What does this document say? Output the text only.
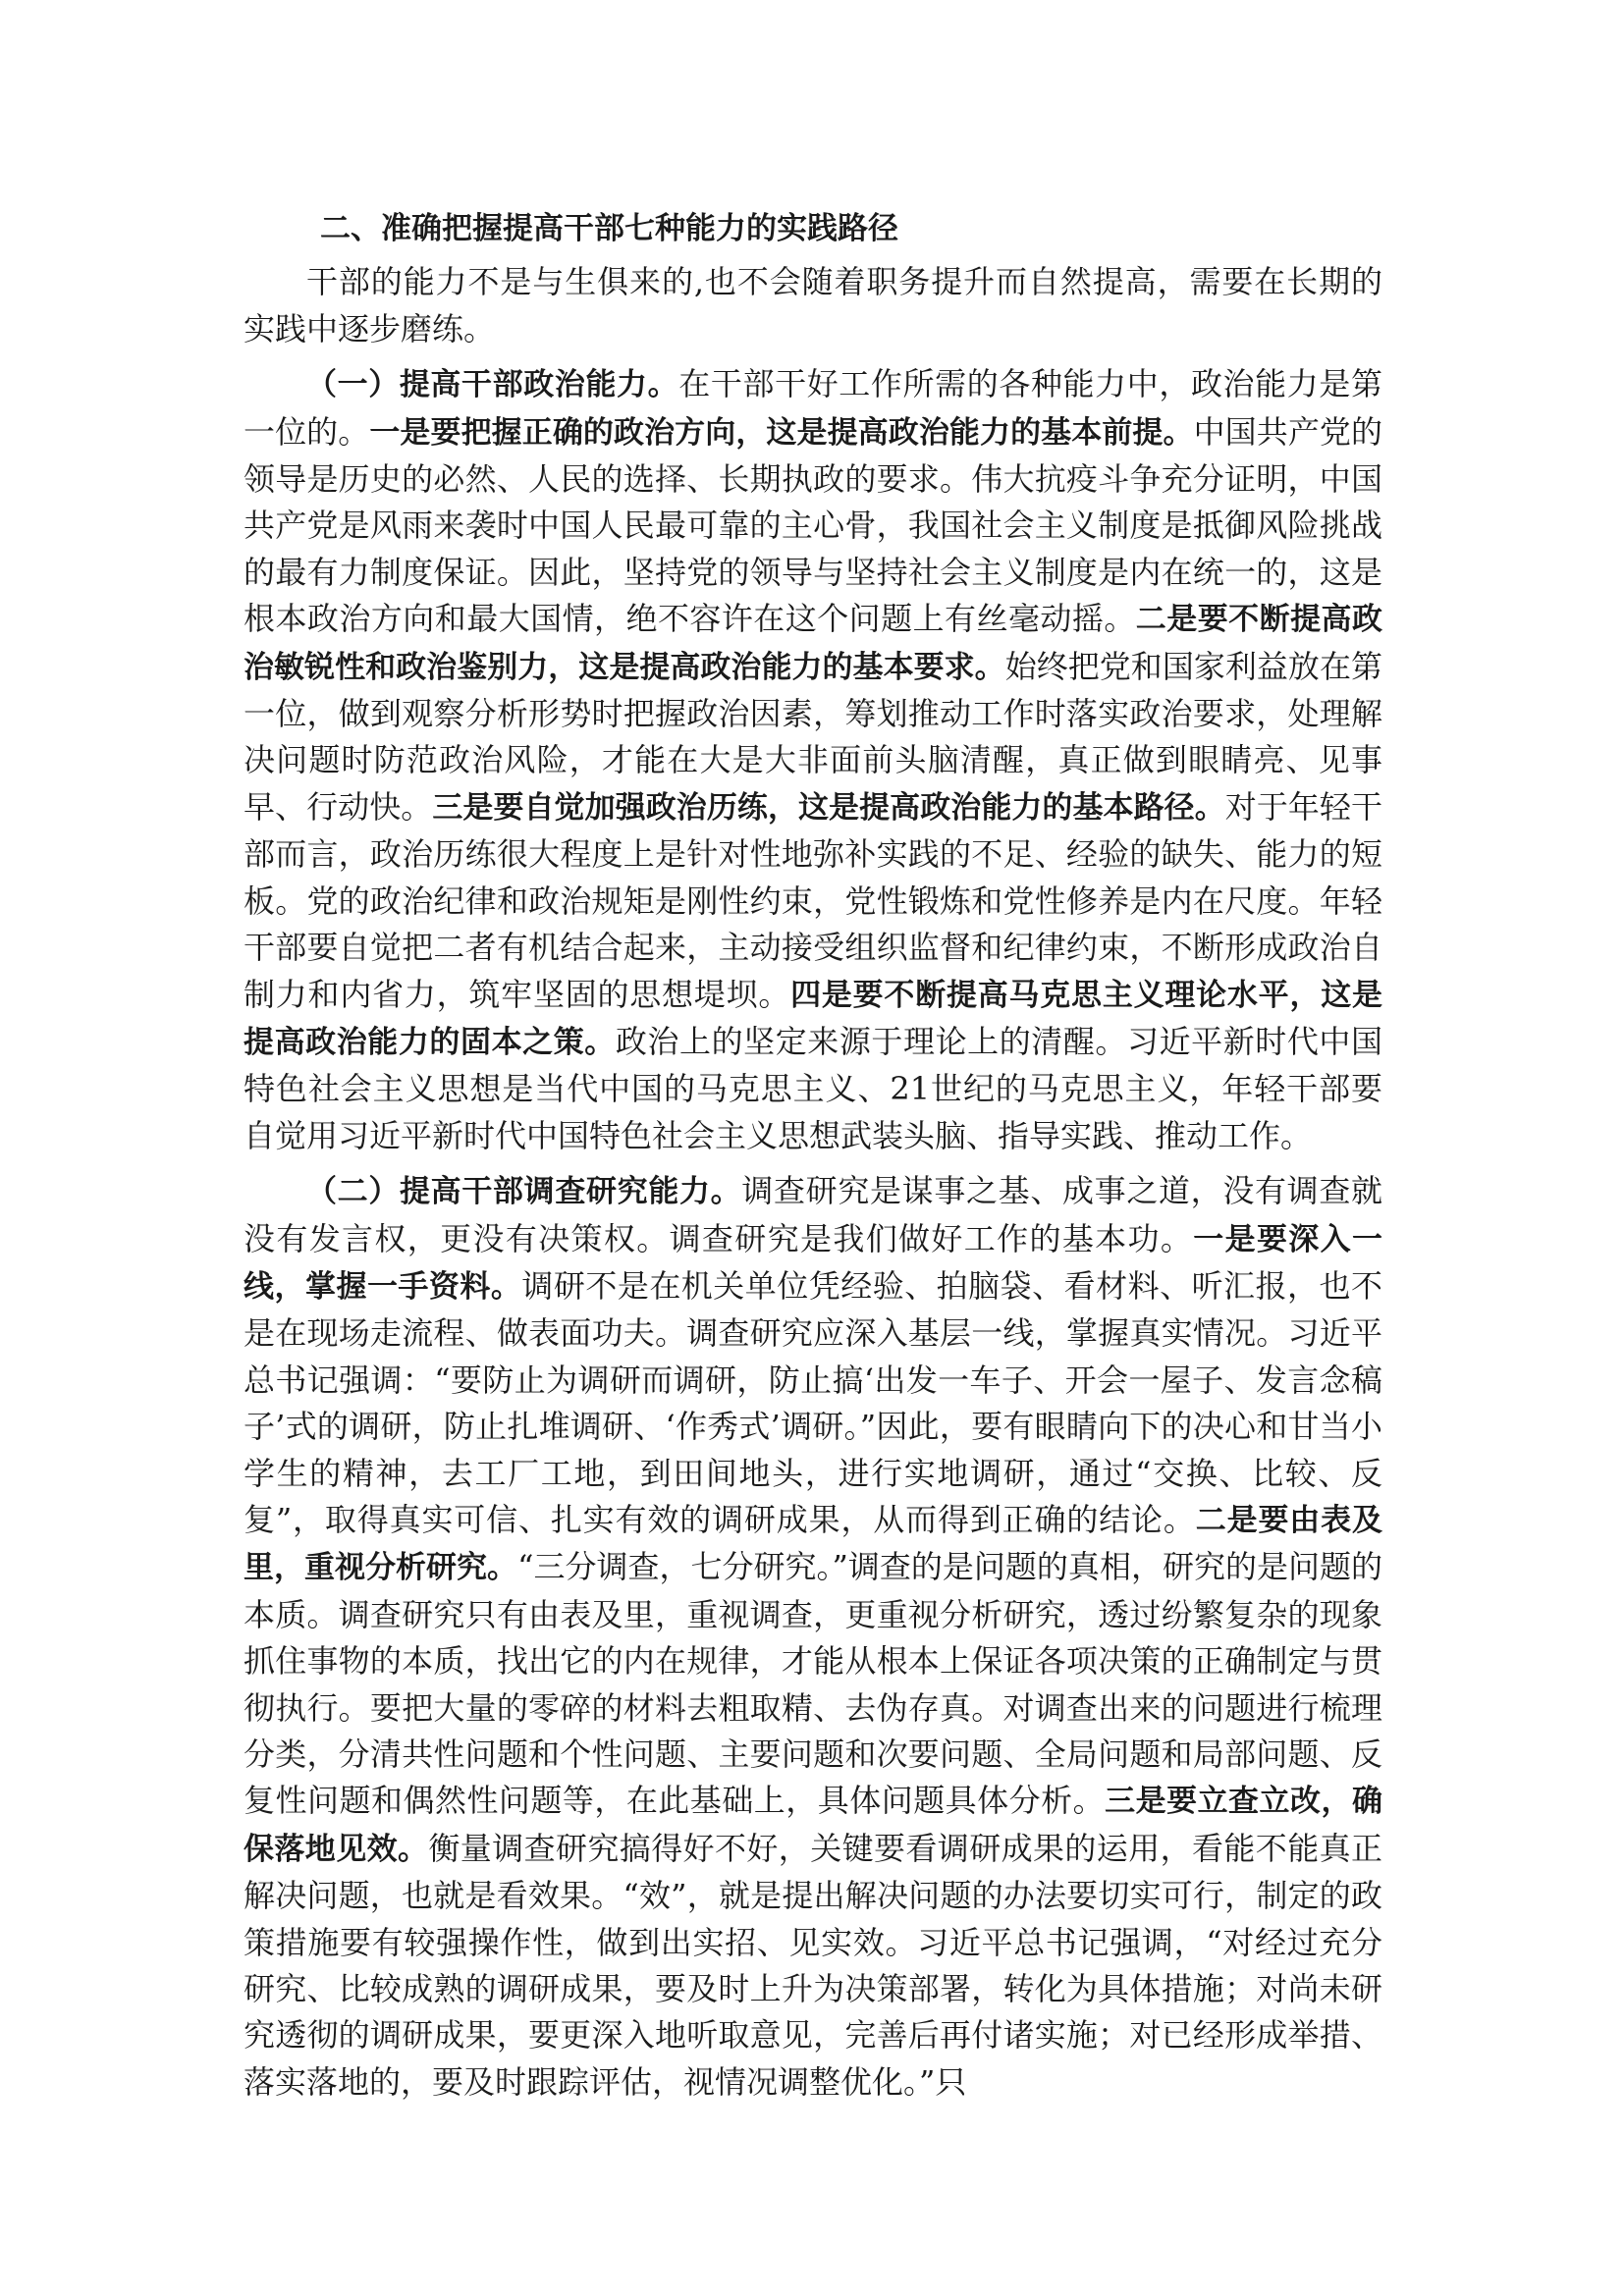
二、准确把握提高干部七种能力的实践路径

干部的能力不是与生俱来的,也不会随着职务提升而自然提高，需要在长期的实践中逐步磨练。

（一）提高干部政治能力。在干部干好工作所需的各种能力中，政治能力是第一位的。一是要把握正确的政治方向，这是提高政治能力的基本前提。中国共产党的领导是历史的必然、人民的选择、长期执政的要求。伟大抗疫斗争充分证明，中国共产党是风雨来袭时中国人民最可靠的主心骨，我国社会主义制度是抵御风险挑战的最有力制度保证。因此，坚持党的领导与坚持社会主义制度是内在统一的，这是根本政治方向和最大国情，绝不容许在这个问题上有丝毫动摇。二是要不断提高政治敏锐性和政治鉴别力，这是提高政治能力的基本要求。始终把党和国家利益放在第一位，做到观察分析形势时把握政治因素，筹划推动工作时落实政治要求，处理解决问题时防范政治风险，才能在大是大非面前头脑清醒，真正做到眼睛亮、见事早、行动快。三是要自觉加强政治历练，这是提高政治能力的基本路径。对于年轻干部而言，政治历练很大程度上是针对性地弥补实践的不足、经验的缺失、能力的短板。党的政治纪律和政治规矩是刚性约束，党性锻炼和党性修养是内在尺度。年轻干部要自觉把二者有机结合起来，主动接受组织监督和纪律约束，不断形成政治自制力和内省力，筑牢坚固的思想堤坝。四是要不断提高马克思主义理论水平，这是提高政治能力的固本之策。政治上的坚定来源于理论上的清醒。习近平新时代中国特色社会主义思想是当代中国的马克思主义、21世纪的马克思主义，年轻干部要自觉用习近平新时代中国特色社会主义思想武装头脑、指导实践、推动工作。

（二）提高干部调查研究能力。调查研究是谋事之基、成事之道，没有调查就没有发言权，更没有决策权。调查研究是我们做好工作的基本功。一是要深入一线，掌握一手资料。调研不是在机关单位凭经验、拍脑袋、看材料、听汇报，也不是在现场走流程、做表面功夫。调查研究应深入基层一线，掌握真实情况。习近平总书记强调：“要防止为调研而调研，防止搞‘出发一车子、开会一屋子、发言念稿子’式的调研，防止扎堆调研、‘作秀式’调研。”因此，要有眼睛向下的决心和甘当小学生的精神，去工厂工地，到田间地头，进行实地调研，通过“交换、比较、反复”，取得真实可信、扎实有效的调研成果，从而得到正确的结论。二是要由表及里，重视分析研究。“三分调查，七分研究。”调查的是问题的真相，研究的是问题的本质。调查研究只有由表及里，重视调查，更重视分析研究，透过纷繁复杂的现象抓住事物的本质，找出它的内在规律，才能从根本上保证各项决策的正确制定与贯彻执行。要把大量的零碎的材料去粗取精、去伪存真。对调查出来的问题进行梳理分类，分清共性问题和个性问题、主要问题和次要问题、全局问题和局部问题、反复性问题和偶然性问题等，在此基础上，具体问题具体分析。三是要立查立改，确保落地见效。衡量调查研究搞得好不好，关键要看调研成果的运用，看能不能真正解决问题，也就是看效果。“效”，就是提出解决问题的办法要切实可行，制定的政策措施要有较强操作性，做到出实招、见实效。习近平总书记强调，“对经过充分研究、比较成熟的调研成果，要及时上升为决策部署，转化为具体措施；对尚未研究透彻的调研成果，要更深入地听取意见，完善后再付诸实施；对已经形成举措、落实落地的，要及时跟踪评估，视情况调整优化。”只
